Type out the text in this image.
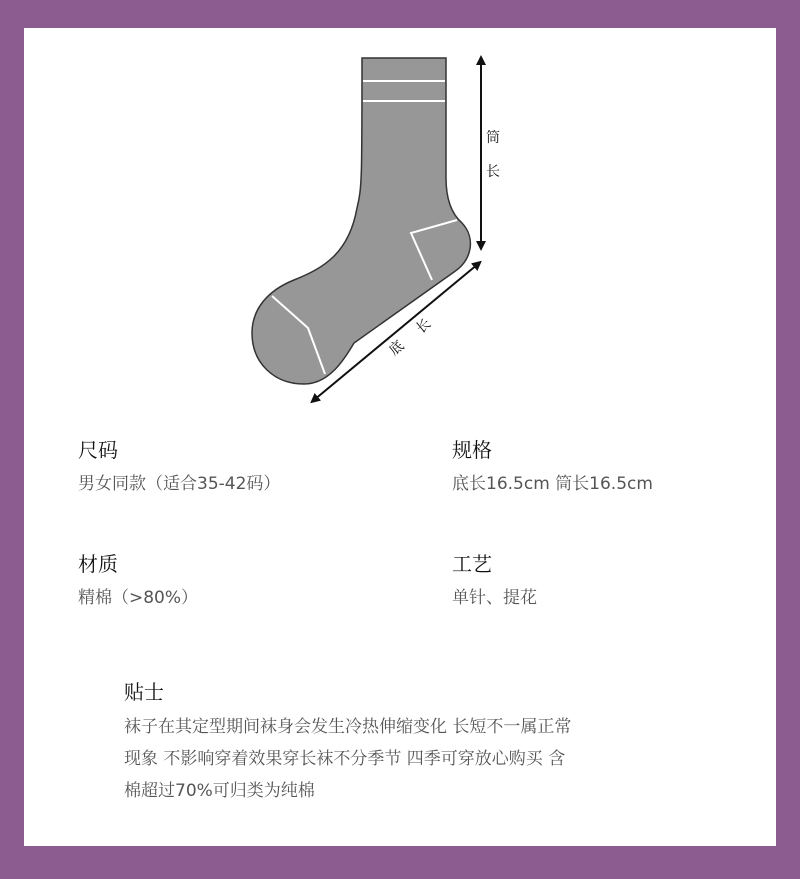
筒
长
底
长
尺码
男女同款（适合35-42码）
规格
底长16.5cm 筒长16.5cm
材质
精棉（>80%）
工艺
单针、提花
贴士
袜子在其定型期间袜身会发生冷热伸缩变化 长短不一属正常
现象 不影响穿着效果穿长袜不分季节 四季可穿放心购买 含
棉超过70%可归类为纯棉
